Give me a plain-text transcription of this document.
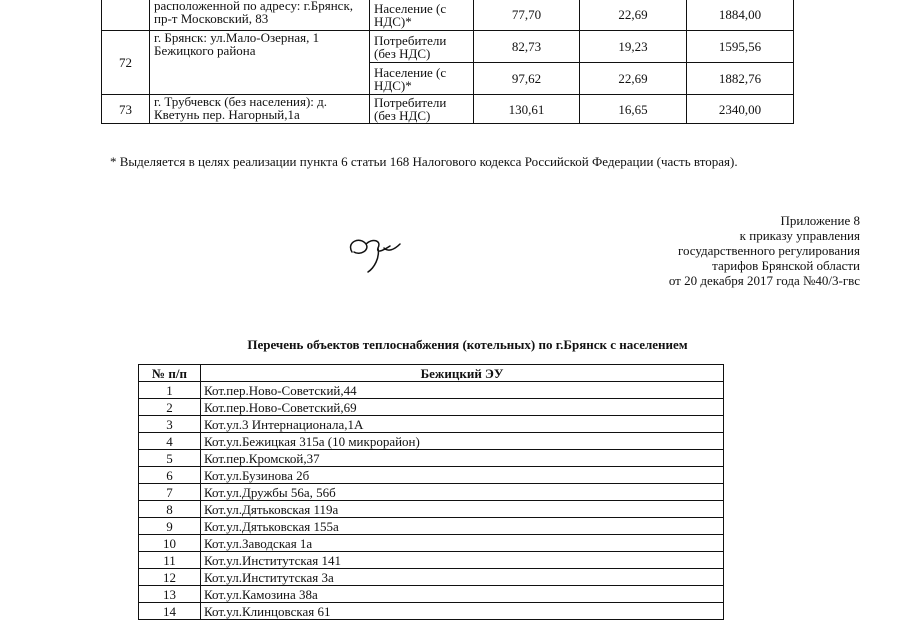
	расположенной по адресу: г.Брянск, пр-т Московский, 83	Население (с НДС)*	77,70	22,69	1884,00
72	г. Брянск: ул.Мало-Озерная, 1 Бежицкого района	Потребители (без НДС)	82,73	19,23	1595,56
		Население (с НДС)*	97,62	22,69	1882,76
73	г. Трубчевск (без населения): д. Кветунь пер. Нагорный,1а	Потребители (без НДС)	130,61	16,65	2340,00
* Выделяется в целях реализации пункта 6 статьи 168 Налогового кодекса Российской Федерации (часть вторая).
Приложение 8
к приказу управления
государственного регулирования
тарифов Брянской области
от 20 декабря 2017 года №40/3-гвс
Перечень объектов теплоснабжения (котельных) по г.Брянск с населением
№ п/п	Бежицкий ЭУ
1	Кот.пер.Ново-Советский,44
2	Кот.пер.Ново-Советский,69
3	Кот.ул.3 Интернационала,1А
4	Кот.ул.Бежицкая 315а (10 микрорайон)
5	Кот.пер.Кромской,37
6	Кот.ул.Бузинова 2б
7	Кот.ул.Дружбы 56а, 56б
8	Кот.ул.Дятьковская 119а
9	Кот.ул.Дятьковская 155а
10	Кот.ул.Заводская 1а
11	Кот.ул.Институтская 141
12	Кот.ул.Институтская 3а
13	Кот.ул.Камозина 38а
14	Кот.ул.Клинцовская 61
